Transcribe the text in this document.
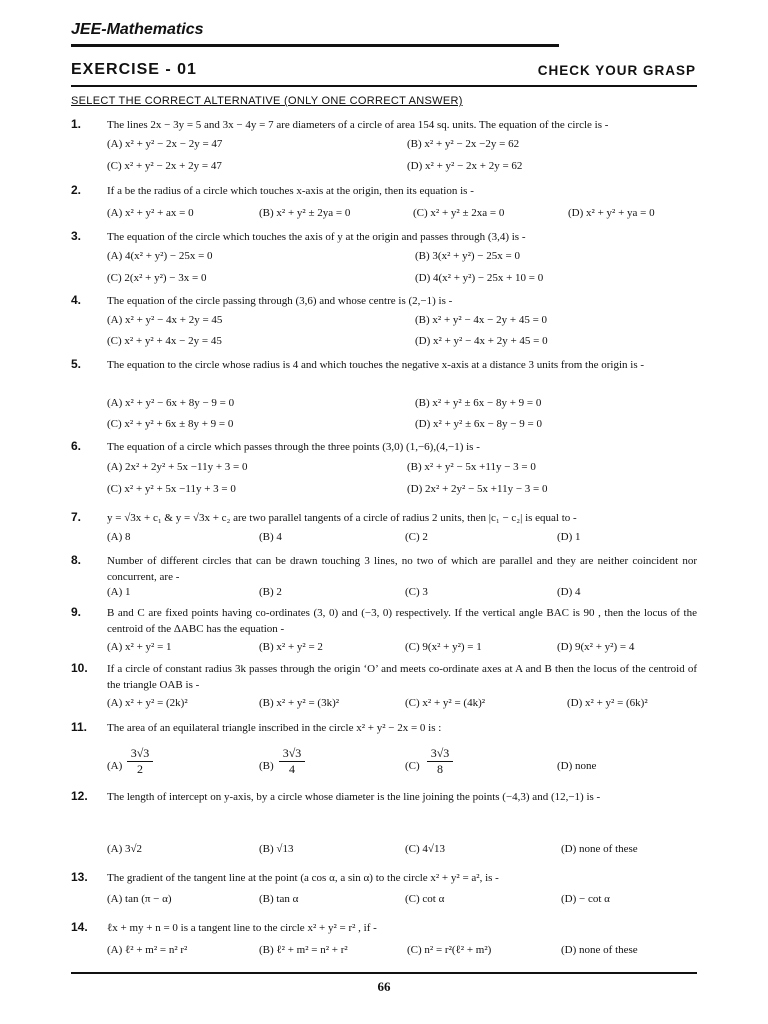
JEE-Mathematics
EXERCISE - 01	CHECK YOUR GRASP
SELECT THE CORRECT ALTERNATIVE (ONLY ONE CORRECT ANSWER)
1. The lines 2x − 3y = 5 and 3x − 4y = 7 are diameters of a circle of area 154 sq. units. The equation of the circle is -
(A) x² + y² − 2x − 2y = 47	(B) x² + y² − 2x −2y = 62
(C) x² + y² − 2x + 2y = 47	(D) x² + y² − 2x + 2y = 62
2. If a be the radius of a circle which touches x-axis at the origin, then its equation is -
(A) x² + y² + ax = 0	(B) x² + y² ± 2ya = 0	(C) x² + y² ± 2xa = 0	(D) x² + y² + ya = 0
3. The equation of the circle which touches the axis of y at the origin and passes through (3,4) is -
(A) 4(x² + y²) − 25x = 0	(B) 3(x² + y²) − 25x = 0
(C) 2(x² + y²) − 3x = 0	(D) 4(x² + y²) − 25x + 10 = 0
4. The equation of the circle passing through (3,6) and whose centre is (2,−1) is -
(A) x² + y² − 4x + 2y = 45	(B) x² + y² − 4x − 2y + 45 = 0
(C) x² + y² + 4x − 2y = 45	(D) x² + y² − 4x + 2y + 45 = 0
5. The equation to the circle whose radius is 4 and which touches the negative x-axis at a distance 3 units from the origin is -
(A) x² + y² − 6x + 8y − 9 = 0	(B) x² + y² ± 6x − 8y + 9 = 0
(C) x² + y² + 6x ± 8y + 9 = 0	(D) x² + y² ± 6x − 8y − 9 = 0
6. The equation of a circle which passes through the three points (3,0) (1,−6),(4,−1) is -
(A) 2x² + 2y² + 5x −11y + 3 = 0	(B) x² + y² − 5x +11y − 3 = 0
(C) x² + y² + 5x −11y + 3 = 0	(D) 2x² + 2y² − 5x +11y − 3 = 0
7. y = √3x + c₁ & y = √3x + c₂ are two parallel tangents of a circle of radius 2 units, then |c₁ − c₂| is equal to -
(A) 8	(B) 4	(C) 2	(D) 1
8. Number of different circles that can be drawn touching 3 lines, no two of which are parallel and they are neither coincident nor concurrent, are -
(A) 1	(B) 2	(C) 3	(D) 4
9. B and C are fixed points having co-ordinates (3, 0) and (−3, 0) respectively. If the vertical angle BAC is 90 , then the locus of the centroid of the ΔABC has the equation -
(A) x² + y² = 1	(B) x² + y² = 2	(C) 9(x² + y²) = 1	(D) 9(x² + y²) = 4
10. If a circle of constant radius 3k passes through the origin ‘O’ and meets co-ordinate axes at A and B then the locus of the centroid of the triangle OAB is -
(A) x² + y² = (2k)²	(B) x² + y² = (3k)²	(C) x² + y² = (4k)²	(D) x² + y² = (6k)²
11. The area of an equilateral triangle inscribed in the circle x² + y² − 2x = 0 is :
$(A) \frac{3√3}{2}$	$(B) \frac{3√3}{4}$	$(C) \frac{3√3}{8}$	(D) none
12. The length of intercept on y-axis, by a circle whose diameter is the line joining the points (−4,3) and (12,−1) is -
(A) 3√2	(B) √13	(C) 4√13	(D) none of these
13. The gradient of the tangent line at the point (a cos α, a sin α) to the circle x² + y² = a², is -
(A) tan (π − α)	(B) tan α	(C) cot α	(D) − cot α
14. ℓx + my + n = 0 is a tangent line to the circle x² + y² = r² , if -
(A) ℓ² + m² = n² r²	(B) ℓ² + m² = n² + r²	(C) n² = r²(ℓ² + m²)	(D) none of these
66
